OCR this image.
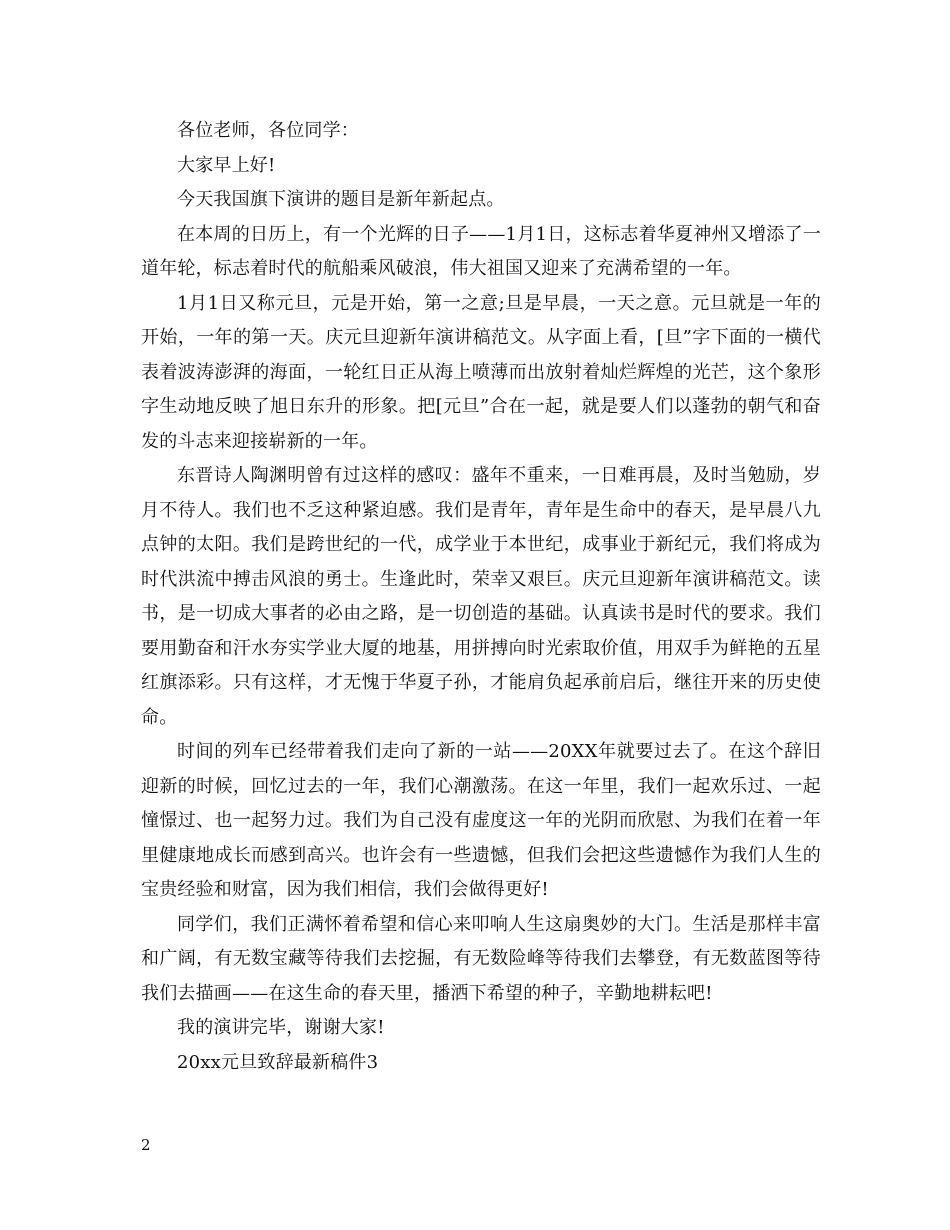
各位老师，各位同学：

大家早上好!

今天我国旗下演讲的题目是新年新起点。

在本周的日历上，有一个光辉的日子——1月1日，这标志着华夏神州又增添了一道年轮，标志着时代的航船乘风破浪，伟大祖国又迎来了充满希望的一年。

1月1日又称元旦，元是开始，第一之意;旦是早晨，一天之意。元旦就是一年的开始，一年的第一天。庆元旦迎新年演讲稿范文。从字面上看，[旦”字下面的一横代表着波涛澎湃的海面，一轮红日正从海上喷薄而出放射着灿烂辉煌的光芒，这个象形字生动地反映了旭日东升的形象。把[元旦”合在一起，就是要人们以蓬勃的朝气和奋发的斗志来迎接崭新的一年。

东晋诗人陶渊明曾有过这样的感叹：盛年不重来，一日难再晨，及时当勉励，岁月不待人。我们也不乏这种紧迫感。我们是青年，青年是生命中的春天，是早晨八九点钟的太阳。我们是跨世纪的一代，成学业于本世纪，成事业于新纪元，我们将成为时代洪流中搏击风浪的勇士。生逢此时，荣幸又艰巨。庆元旦迎新年演讲稿范文。读书，是一切成大事者的必由之路，是一切创造的基础。认真读书是时代的要求。我们要用勤奋和汗水夯实学业大厦的地基，用拼搏向时光索取价值，用双手为鲜艳的五星红旗添彩。只有这样，才无愧于华夏子孙，才能肩负起承前启后，继往开来的历史使命。

时间的列车已经带着我们走向了新的一站——20XX年就要过去了。在这个辞旧迎新的时候，回忆过去的一年，我们心潮激荡。在这一年里，我们一起欢乐过、一起憧憬过、也一起努力过。我们为自己没有虚度这一年的光阴而欣慰、为我们在着一年里健康地成长而感到高兴。也许会有一些遗憾，但我们会把这些遗憾作为我们人生的宝贵经验和财富，因为我们相信，我们会做得更好!

同学们，我们正满怀着希望和信心来叩响人生这扇奥妙的大门。生活是那样丰富和广阔，有无数宝藏等待我们去挖掘，有无数险峰等待我们去攀登，有无数蓝图等待我们去描画——在这生命的春天里，播洒下希望的种子，辛勤地耕耘吧!

我的演讲完毕，谢谢大家!

20xx元旦致辞最新稿件3

2
